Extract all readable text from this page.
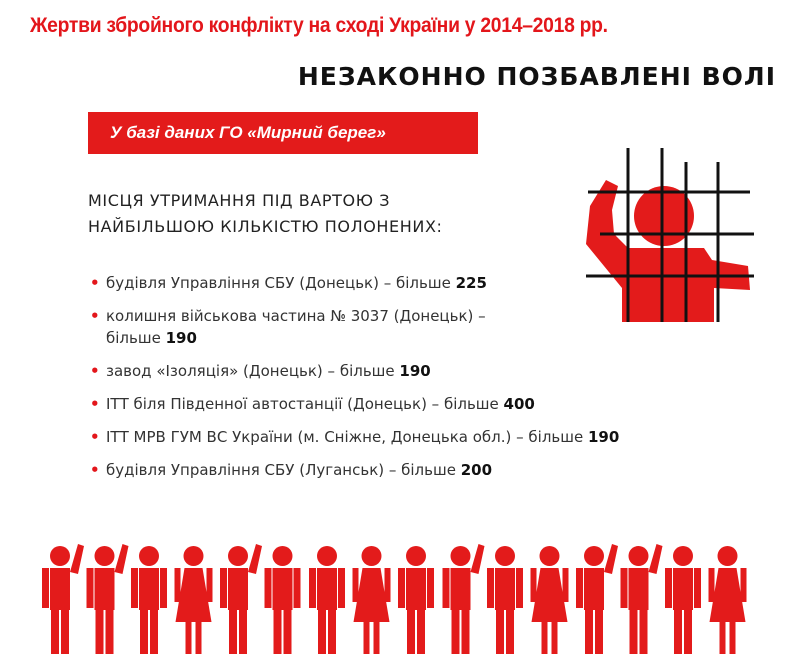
Жертви збройного конфлікту на сході України у 2014–2018 рр.
НЕЗАКОННО ПОЗБАВЛЕНІ ВОЛІ
У базі даних ГО «Мирний берег»
МІСЦЯ УТРИМАННЯ ПІД ВАРТОЮ З НАЙБІЛЬШОЮ КІЛЬКІСТЮ ПОЛОНЕНИХ:
• будівля Управління СБУ (Донецьк) – більше 225
• колишня військова частина № 3037 (Донецьк) – більше 190
• завод «Ізоляція» (Донецьк) – більше 190
• ІТТ біля Південної автостанції (Донецьк) – більше 400
• ІТТ МРВ ГУМ ВС України (м. Сніжне, Донецька обл.) – більше 190
• будівля Управління СБУ (Луганськ) – більше 200
